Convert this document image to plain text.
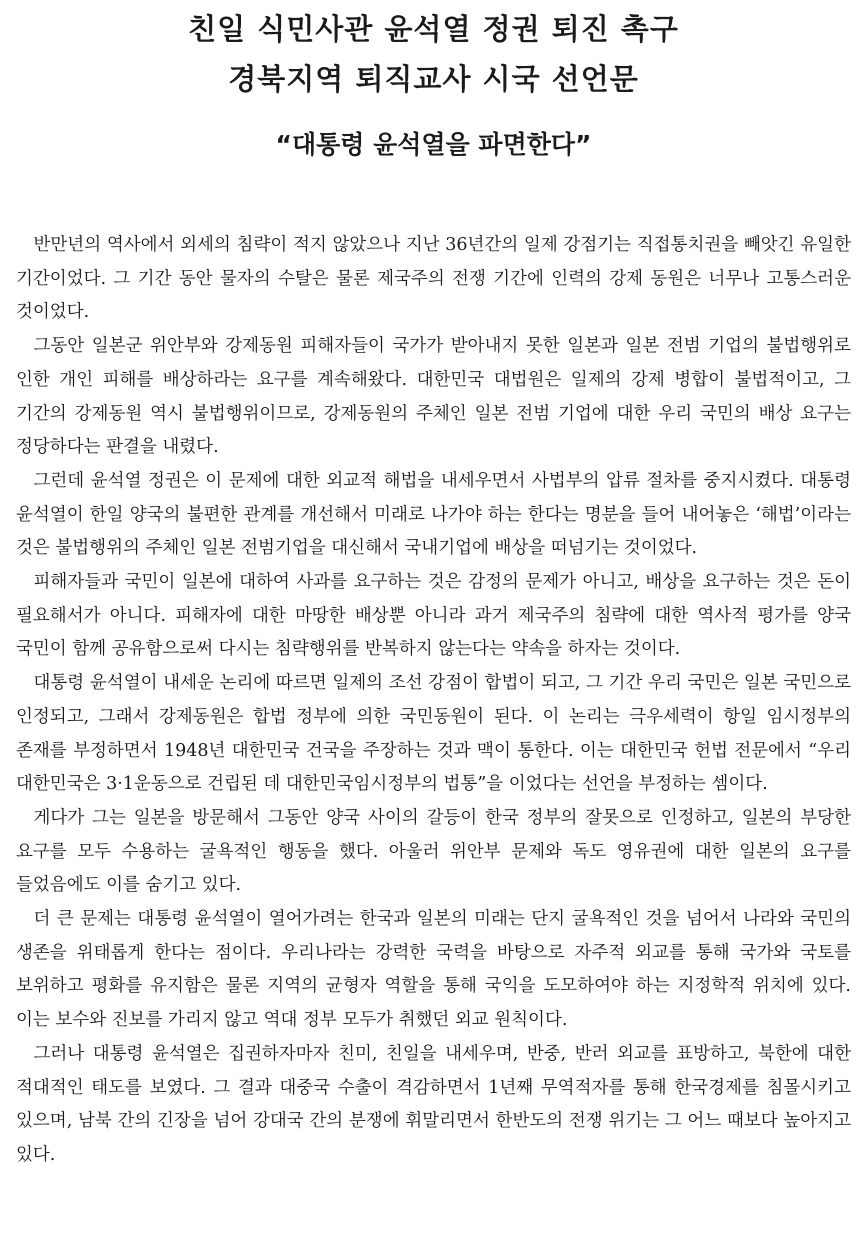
친일 식민사관 윤석열 정권 퇴진 촉구
경북지역 퇴직교사 시국 선언문
“대통령 윤석열을 파면한다”

반만년의 역사에서 외세의 침략이 적지 않았으나 지난 36년간의 일제 강점기는 직접통치권을 빼앗긴 유일한 기간이었다. 그 기간 동안 물자의 수탈은 물론 제국주의 전쟁 기간에 인력의 강제 동원은 너무나 고통스러운 것이었다.

그동안 일본군 위안부와 강제동원 피해자들이 국가가 받아내지 못한 일본과 일본 전범 기업의 불법행위로 인한 개인 피해를 배상하라는 요구를 계속해왔다. 대한민국 대법원은 일제의 강제 병합이 불법적이고, 그 기간의 강제동원 역시 불법행위이므로, 강제동원의 주체인 일본 전범 기업에 대한 우리 국민의 배상 요구는 정당하다는 판결을 내렸다.

그런데 윤석열 정권은 이 문제에 대한 외교적 해법을 내세우면서 사법부의 압류 절차를 중지시켰다. 대통령 윤석열이 한일 양국의 불편한 관계를 개선해서 미래로 나가야 하는 한다는 명분을 들어 내어놓은 ‘해법’이라는 것은 불법행위의 주체인 일본 전범기업을 대신해서 국내기업에 배상을 떠넘기는 것이었다.

피해자들과 국민이 일본에 대하여 사과를 요구하는 것은 감정의 문제가 아니고, 배상을 요구하는 것은 돈이 필요해서가 아니다. 피해자에 대한 마땅한 배상뿐 아니라 과거 제국주의 침략에 대한 역사적 평가를 양국 국민이 함께 공유함으로써 다시는 침략행위를 반복하지 않는다는 약속을 하자는 것이다.

대통령 윤석열이 내세운 논리에 따르면 일제의 조선 강점이 합법이 되고, 그 기간 우리 국민은 일본 국민으로 인정되고, 그래서 강제동원은 합법 정부에 의한 국민동원이 된다. 이 논리는 극우세력이 항일 임시정부의 존재를 부정하면서 1948년 대한민국 건국을 주장하는 것과 맥이 통한다. 이는 대한민국 헌법 전문에서 “우리 대한민국은 3·1운동으로 건립된 데 대한민국임시정부의 법통”을 이었다는 선언을 부정하는 셈이다.

게다가 그는 일본을 방문해서 그동안 양국 사이의 갈등이 한국 정부의 잘못으로 인정하고, 일본의 부당한 요구를 모두 수용하는 굴욕적인 행동을 했다. 아울러 위안부 문제와 독도 영유권에 대한 일본의 요구를 들었음에도 이를 숨기고 있다.

더 큰 문제는 대통령 윤석열이 열어가려는 한국과 일본의 미래는 단지 굴욕적인 것을 넘어서 나라와 국민의 생존을 위태롭게 한다는 점이다. 우리나라는 강력한 국력을 바탕으로 자주적 외교를 통해 국가와 국토를 보위하고 평화를 유지함은 물론 지역의 균형자 역할을 통해 국익을 도모하여야 하는 지정학적 위치에 있다. 이는 보수와 진보를 가리지 않고 역대 정부 모두가 취했던 외교 원칙이다.

그러나 대통령 윤석열은 집권하자마자 친미, 친일을 내세우며, 반중, 반러 외교를 표방하고, 북한에 대한 적대적인 태도를 보였다. 그 결과 대중국 수출이 격감하면서 1년째 무역적자를 통해 한국경제를 침몰시키고 있으며, 남북 간의 긴장을 넘어 강대국 간의 분쟁에 휘말리면서 한반도의 전쟁 위기는 그 어느 때보다 높아지고 있다.
